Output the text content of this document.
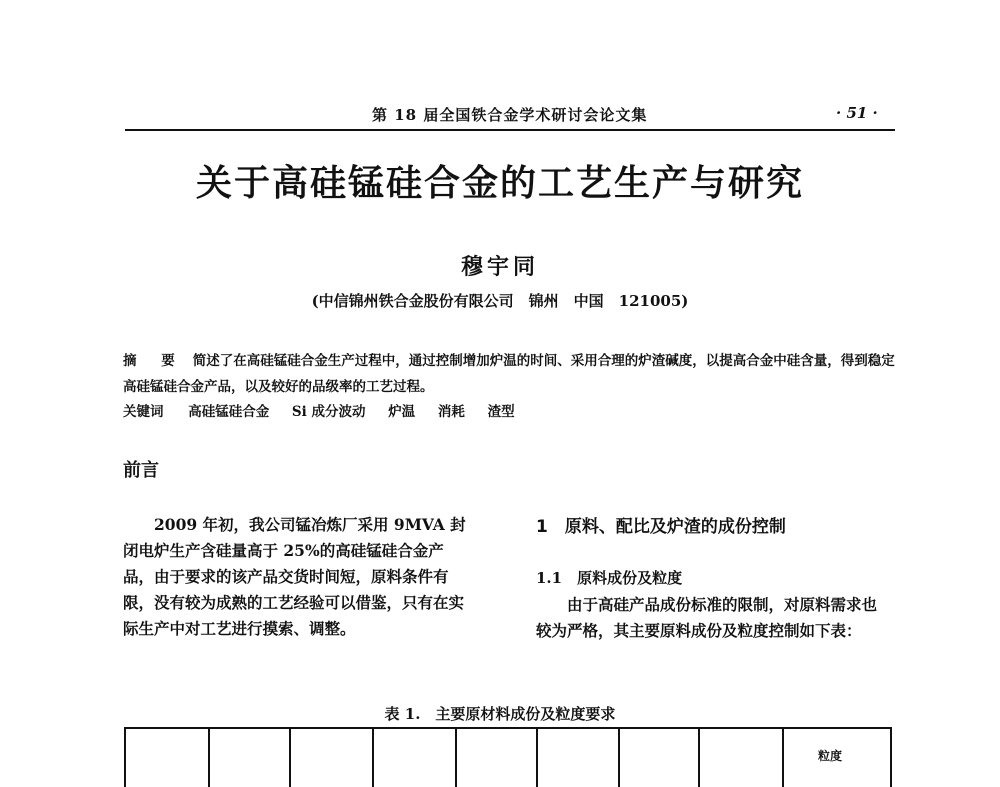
第 18 届全国铁合金学术研讨会论文集	· 51 ·
关于高硅锰硅合金的工艺生产与研究
穆宇同
(中信锦州铁合金股份有限公司　锦州　中国　121005)
摘 要 简述了在高硅锰硅合金生产过程中，通过控制增加炉温的时间、采用合理的炉渣碱度，以提高合金中硅含量，得到稳定高硅锰硅合金产品，以及较好的品级率的工艺过程。
关键词 高硅锰硅合金 Si 成分波动 炉温 消耗 渣型
前言
2009 年初，我公司锰冶炼厂采用 9MVA 封闭电炉生产含硅量高于 25%的高硅锰硅合金产品，由于要求的该产品交货时间短，原料条件有限，没有较为成熟的工艺经验可以借鉴，只有在实际生产中对工艺进行摸索、调整。
1　原料、配比及炉渣的成份控制
1.1　原料成份及粒度
由于高硅产品成份标准的限制，对原料需求也较为严格，其主要原料成份及粒度控制如下表：
表 1.　主要原材料成份及粒度要求
粒度
